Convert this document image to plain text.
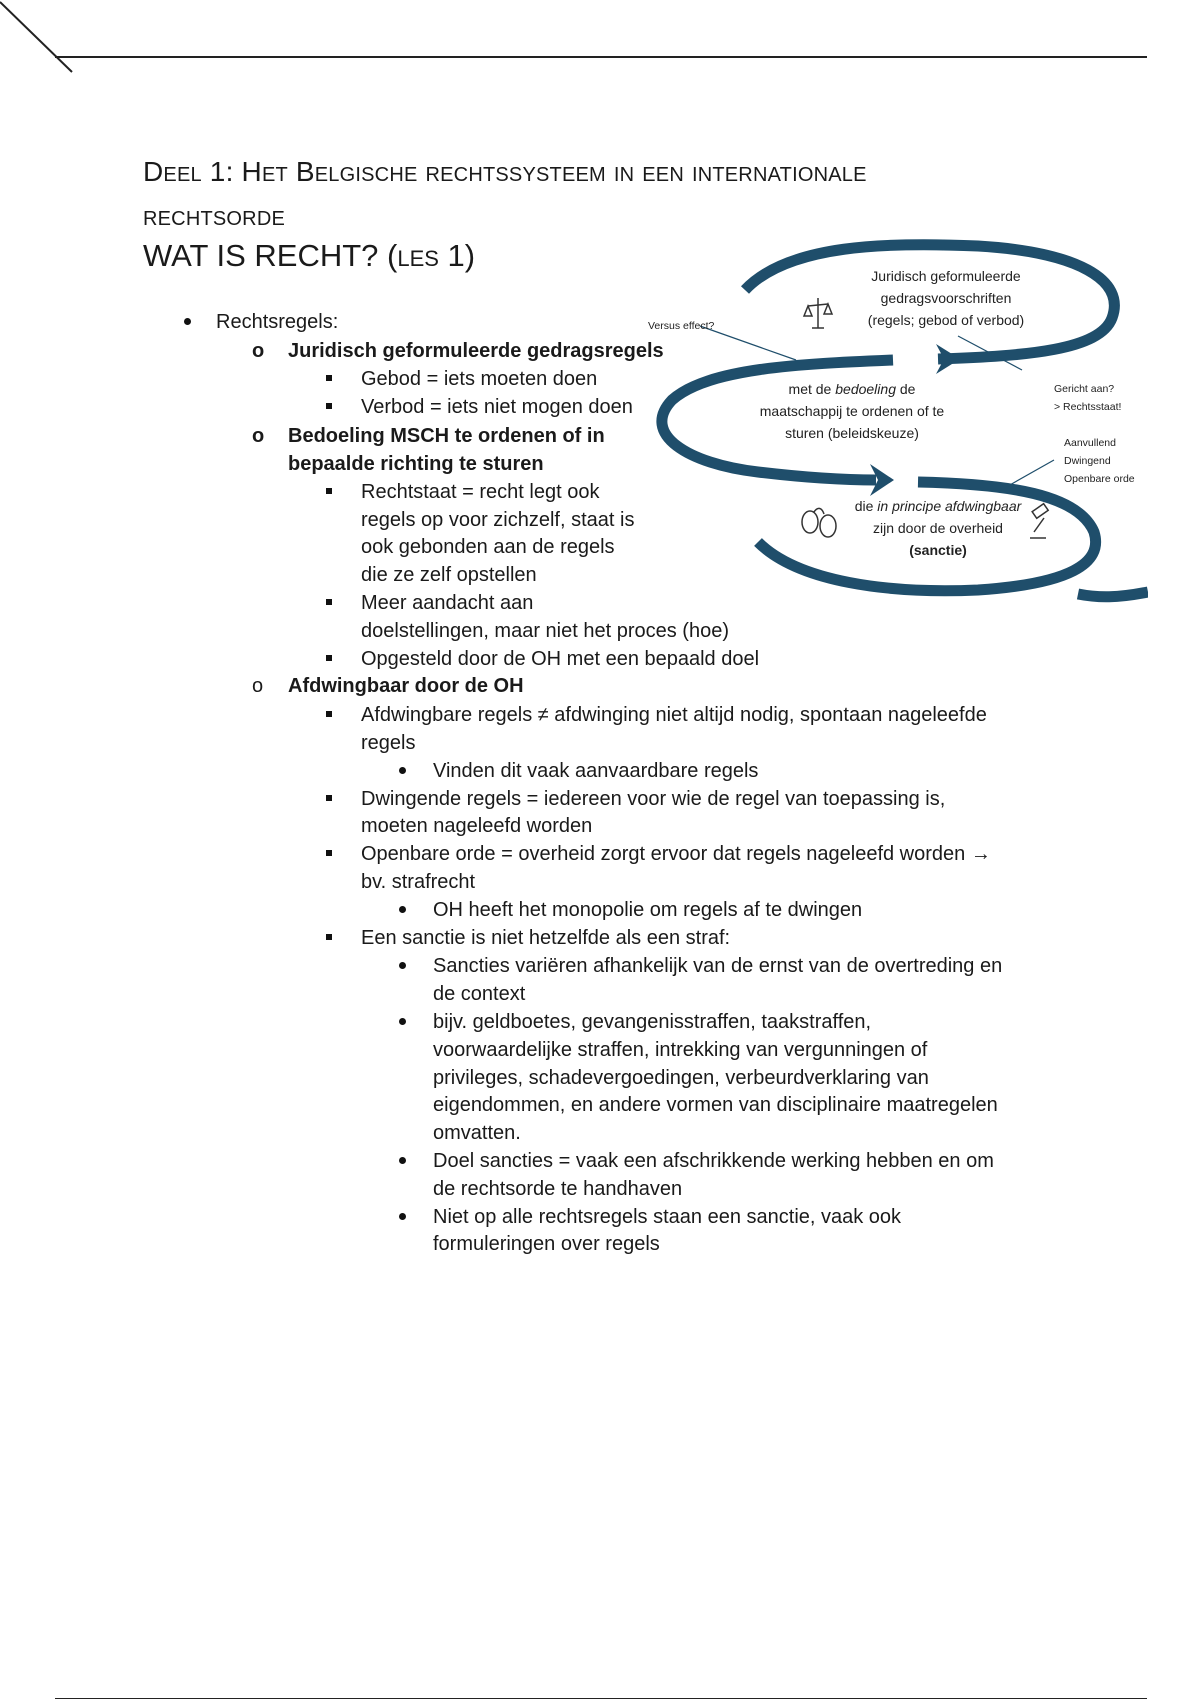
Deel 1: Het Belgische rechtssysteem in een internationale rechtsorde
WAT IS RECHT? (les 1)
Rechtsregels:
o Juridisch geformuleerde gedragsregels
Gebod = iets moeten doen
Verbod = iets niet mogen doen
o Bedoeling MSCH te ordenen of in
bepaalde richting te sturen
Rechtstaat = recht legt ook
regels op voor zichzelf, staat is
ook gebonden aan de regels
die ze zelf opstellen
Meer aandacht aan
doelstellingen, maar niet het proces (hoe)
Opgesteld door de OH met een bepaald doel
o Afdwingbaar door de OH
Afdwingbare regels ≠ afdwinging niet altijd nodig, spontaan nageleefde
regels
Vinden dit vaak aanvaardbare regels
Dwingende regels = iedereen voor wie de regel van toepassing is,
moeten nageleefd worden
Openbare orde = overheid zorgt ervoor dat regels nageleefd worden →
bv. strafrecht
OH heeft het monopolie om regels af te dwingen
Een sanctie is niet hetzelfde als een straf:
Sancties variëren afhankelijk van de ernst van de overtreding en
de context
bijv. geldboetes, gevangenisstraffen, taakstraffen,
voorwaardelijke straffen, intrekking van vergunningen of
privileges, schadevergoedingen, verbeurdverklaring van
eigendommen, en andere vormen van disciplinaire maatregelen
omvatten.
Doel sancties = vaak een afschrikkende werking hebben en om
de rechtsorde te handhaven
Niet op alle rechtsregels staan een sanctie, vaak ook
formuleringen over regels
Juridisch geformuleerde
gedragsvoorschriften
(regels; gebod of verbod)
met de bedoeling de
maatschappij te ordenen of te
sturen (beleidskeuze)
die in principe afdwingbaar
zijn door de overheid
(sanctie)
Versus effect?
Gericht aan?
> Rechtsstaat!
Aanvullend
Dwingend
Openbare orde
